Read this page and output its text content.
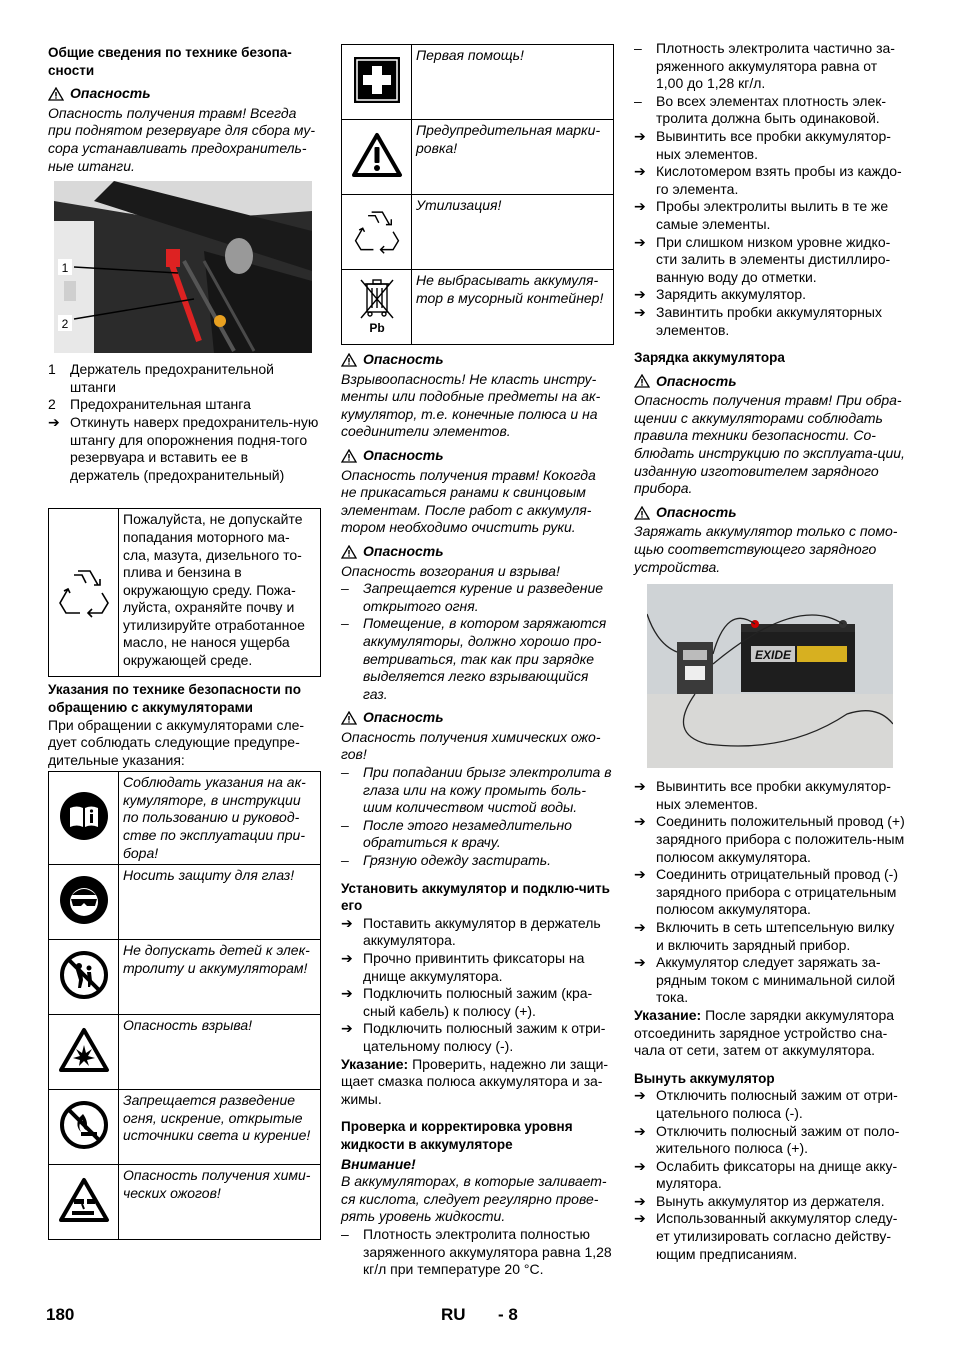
Общие сведения по технике безопа-сности
Опасность

Опасность получения травм! Всегда при поднятом резервуаре для сбора му-сора устанавливать предохранитель-ные штанги.

1
2
1	Держатель предохранительной штанги
2	Предохранительная штанга
➔ Откинуть наверх предохранитель-ную штангу для опорожнения подня-того резервуара и вставить ее в держатель (предохранительный)
	Пожалуйста, не допускайте попадания моторного ма-сла, мазута, дизельного то-плива и бензина в окружающую среду. Пожа-луйста, охраняйте почву и утилизируйте отработанное масло, не нанося ущерба окружающей среде.
Указания по технике безопасности по обращению с аккумуляторами

При обращении с аккумуляторами сле-дует соблюдать следующие предупре-дительные указания:

	Соблюдать указания на ак-кумуляторе, в инструкции по пользованию и руковод-стве по эксплуатации при-бора!
	Носить защиту для глаз!
	Не допускать детей к элек-тролиту и аккумуляторам!
	Опасность взрыва!
	Запрещается разведение огня, искрение, открытые источники света и курение!
	Опасность получения хими-ческих ожогов!
	Первая помощь!
	Предупредительная марки-ровка!
	Утилизация!

Pb	Не выбрасывать аккумуля-тор в мусорный контейнер!
Опасность

Взрывоопасность! Не класть инстру-менты или подобные предметы на ак-кумулятор, т.е. конечные полюса и на соединители элементов.

Опасность

Опасность получения травм! Кокогда не прикасаться ранами к свинцовым элементам. После работ с аккумуля-тором необходимо очистить руки.

Опасность

Опасность возгорания и взрыва!

–	Запрещается курение и разведение открытого огня.
–	Помещение, в котором заряжаются аккумуляторы, должно хорошо про-ветриваться, так как при зарядке выделяется легко взрывающийся газ.
Опасность

Опасность получения химических ожо-гов!

–	При попадании брызг электролита в глаза или на кожу промыть боль-шим количеством чистой воды.
–	После этого незамедлительно обратиться к врачу.
–	Грязную одежду застирать.
Установить аккумулятор и подклю-чить его
➔ Поставить аккумулятор в держатель аккумулятора.
➔ Прочно привинтить фиксаторы на днище аккумулятора.
➔ Подключить полюсный зажим (кра-сный кабель) к полюсу (+).
➔ Подключить полюсный зажим к отри-цательному полюсу (-).

Указание: Проверить, надежно ли защи-щает смазка полюса аккумулятора и за-жимы.

Проверка и корректировка уровня жидкости в аккумуляторе
Внимание!

В аккумуляторах, в которые заливает-ся кислота, следует регулярно прове-рять уровень жидкости.

–	Плотность электролита полностью заряженного аккумулятора равна 1,28 кг/л при температуре 20 °C.
–	Плотность электролита частично за-ряженного аккумулятора равна от 1,00 до 1,28 кг/л.
–	Во всех элементах плотность элек-тролита должна быть одинаковой.
➔ Вывинтить все пробки аккумулятор-ных элементов.
➔ Кислотомером взять пробы из каждо-го элемента.
➔ Пробы электролиты вылить в те же самые элементы.
➔ При слишком низком уровне жидко-сти залить в элементы дистиллиро-ванную воду до отметки.
➔ Зарядить аккумулятор.
➔ Завинтить пробки аккумуляторных элементов.
Зарядка аккумулятора
Опасность

Опасность получения травм! При обра-щении с аккумуляторами соблюдать правила техники безопасности. Со-блюдать инструкцию по эксплуата-ции, изданную изготовителем зарядного прибора.

Опасность

Заряжать аккумулятор только с помо-щью соответствующего зарядного устройства.

EXIDE
➔ Вывинтить все пробки аккумулятор-ных элементов.
➔ Соединить положительный провод (+) зарядного прибора с положитель-ным полюсом аккумулятора.
➔ Соединить отрицательный провод (-) зарядного прибора с отрицательным полюсом аккумулятора.
➔ Включить в сеть штепсельную вилку и включить зарядный прибор.
➔ Аккумулятор следует заряжать за-рядным током с минимальной силой тока.

Указание: После зарядки аккумулятора отсоединить зарядное устройство сна-чала от сети, затем от аккумулятора.

Вынуть аккумулятор
➔ Отключить полюсный зажим от отри-цательного полюса (-).
➔ Отключить полюсный зажим от поло-жительного полюса (+).
➔ Ослабить фиксаторы на днище акку-мулятора.
➔ Вынуть аккумулятор из держателя.
➔ Использованный аккумулятор следу-ет утилизировать согласно действу-ющим предписаниям.
180	RU - 8
